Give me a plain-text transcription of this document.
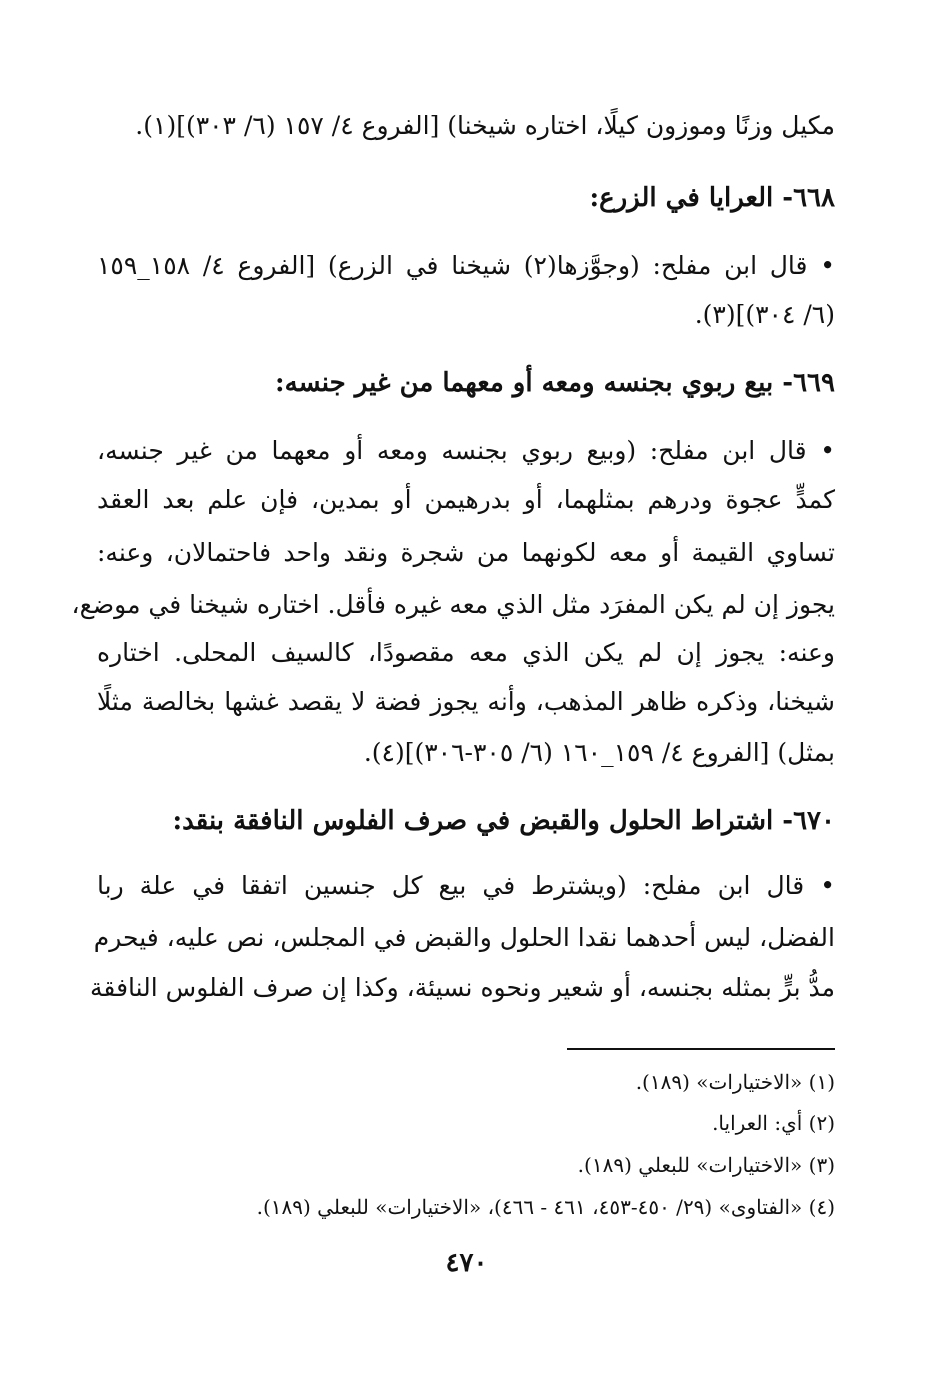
مكيل وزنًا وموزون كيلًا، اختاره شيخنا) [الفروع ٤/ ١٥٧ (٦/ ٣٠٣)](١).
٦٦٨- العرايا في الزرع:
• قال ابن مفلح: (وجوَّزها(٢) شيخنا في الزرع) [الفروع ٤/ ١٥٨_١٥٩
(٦/ ٣٠٤)](٣).
٦٦٩- بيع ربوي بجنسه ومعه أو معهما من غير جنسه:
• قال ابن مفلح: (وبيع ربوي بجنسه ومعه أو معهما من غير جنسه،
كمدٍّ عجوة ودرهم بمثلهما، أو بدرهيمن أو بمدين، فإن علم بعد العقد
تساوي القيمة أو معه لكونهما من شجرة ونقد واحد فاحتمالان، وعنه:
يجوز إن لم يكن المفرَد مثل الذي معه غيره فأقل. اختاره شيخنا في موضع،
وعنه: يجوز إن لم يكن الذي معه مقصودًا، كالسيف المحلى. اختاره
شيخنا، وذكره ظاهر المذهب، وأنه يجوز فضة لا يقصد غشها بخالصة مثلًا
بمثل) [الفروع ٤/ ١٥٩_١٦٠ (٦/ ٣٠٥-٣٠٦)](٤).
٦٧٠- اشتراط الحلول والقبض في صرف الفلوس النافقة بنقد:
• قال ابن مفلح: (ويشترط في بيع كل جنسين اتفقا في علة ربا
الفضل، ليس أحدهما نقدا الحلول والقبض في المجلس، نص عليه، فيحرم
مدُّ برٍّ بمثله بجنسه، أو شعير ونحوه نسيئة، وكذا إن صرف الفلوس النافقة
(١) «الاختيارات» (١٨٩).
(٢) أي: العرايا.
(٣) «الاختيارات» للبعلي (١٨٩).
(٤) «الفتاوى» (٢٩/ ٤٥٠-٤٥٣، ٤٦١ - ٤٦٦)، «الاختيارات» للبعلي (١٨٩).
٤٧٠
